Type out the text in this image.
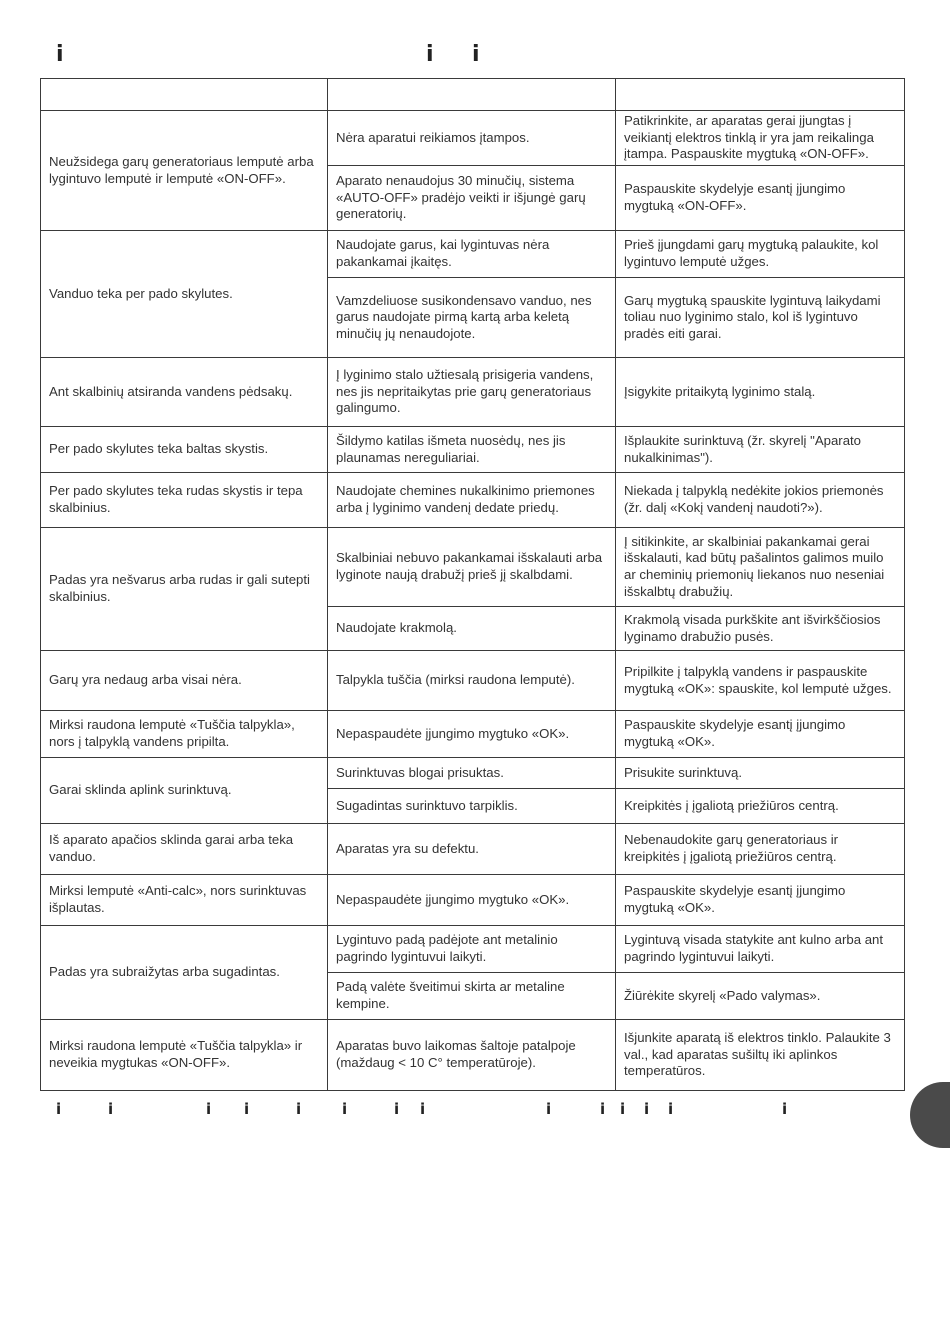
i	i i

Neužsidega garų generatoriaus lemputė arba lygintuvo lemputė ir lemputė «ON-OFF».	Nėra aparatui reikiamos įtampos.	Patikrinkite, ar aparatas gerai įjungtas į veikiantį elektros tinklą ir yra jam reikalinga įtampa. Paspauskite mygtuką «ON-OFF».
	Aparato nenaudojus 30 minučių, sistema «AUTO-OFF» pradėjo veikti ir išjungė garų generatorių.	Paspauskite skydelyje esantį įjungimo mygtuką «ON-OFF».
Vanduo teka per pado skylutes.	Naudojate garus, kai lygintuvas nėra pakankamai įkaitęs.	Prieš įjungdami garų mygtuką palaukite, kol lygintuvo lemputė užges.
	Vamzdeliuose susikondensavo vanduo, nes garus naudojate pirmą kartą arba keletą minučių jų nenaudojote.	Garų mygtuką spauskite lygintuvą laikydami toliau nuo lyginimo stalo, kol iš lygintuvo pradės eiti garai.
Ant skalbinių atsiranda vandens pėdsakų.	Į lyginimo stalo užtiesalą prisigeria vandens, nes jis nepritaikytas prie garų generatoriaus galingumo.	Įsigykite pritaikytą lyginimo stalą.
Per pado skylutes teka baltas skystis.	Šildymo katilas išmeta nuosėdų, nes jis plaunamas nereguliariai.	Išplaukite surinktuvą (žr. skyrelį "Aparato nukalkinimas").
Per pado skylutes teka rudas skystis ir tepa skalbinius.	Naudojate chemines nukalkinimo priemones arba į lyginimo vandenį dedate priedų.	Niekada į talpyklą nedėkite jokios priemonės (žr. dalį «Kokį vandenį naudoti?»).
Padas yra nešvarus arba rudas ir gali sutepti skalbinius.	Skalbiniai nebuvo pakankamai išskalauti arba lyginote naują drabužį prieš jį skalbdami.	Į sitikinkite, ar skalbiniai pakankamai gerai išskalauti, kad būtų pašalintos galimos muilo ar cheminių priemonių liekanos nuo neseniai išskalbtų drabužių.
	Naudojate krakmolą.	Krakmolą visada purkškite ant išvirkščiosios lyginamo drabužio pusės.
Garų yra nedaug arba visai nėra.	Talpykla tuščia (mirksi raudona lemputė).	Pripilkite į talpyklą vandens ir paspauskite mygtuką «OK»: spauskite, kol lemputė užges.
Mirksi raudona lemputė «Tuščia talpykla», nors į talpyklą vandens pripilta.	Nepaspaudėte įjungimo mygtuko «OK».	Paspauskite skydelyje esantį įjungimo mygtuką «OK».
Garai sklinda aplink surinktuvą.	Surinktuvas blogai prisuktas.	Prisukite surinktuvą.
	Sugadintas surinktuvo tarpiklis.	Kreipkitės į įgaliotą priežiūros centrą.
Iš aparato apačios sklinda garai arba teka vanduo.	Aparatas yra su defektu.	Nebenaudokite garų generatoriaus ir kreipkitės į įgaliotą priežiūros centrą.
Mirksi lemputė «Anti-calc», nors surinktuvas išplautas.	Nepaspaudėte įjungimo mygtuko «OK».	Paspauskite skydelyje esantį įjungimo mygtuką «OK».
Padas yra subraižytas arba sugadintas.	Lygintuvo padą padėjote ant metalinio pagrindo lygintuvui laikyti.	Lygintuvą visada statykite ant kulno arba ant pagrindo lygintuvui laikyti.
	Padą valėte šveitimui skirta ar metaline kempine.	Žiūrėkite skyrelį «Pado valymas».
Mirksi raudona lemputė «Tuščia talpykla» ir neveikia mygtukas «ON-OFF».	Aparatas buvo laikomas šaltoje patalpoje (maždaug < 10 C° temperatūroje).	Išjunkite aparatą iš elektros tinklo. Palaukite 3 val., kad aparatas sušiltų iki aplinkos temperatūros.
i	i	i i	i	i	i i	i	i i i i	i
